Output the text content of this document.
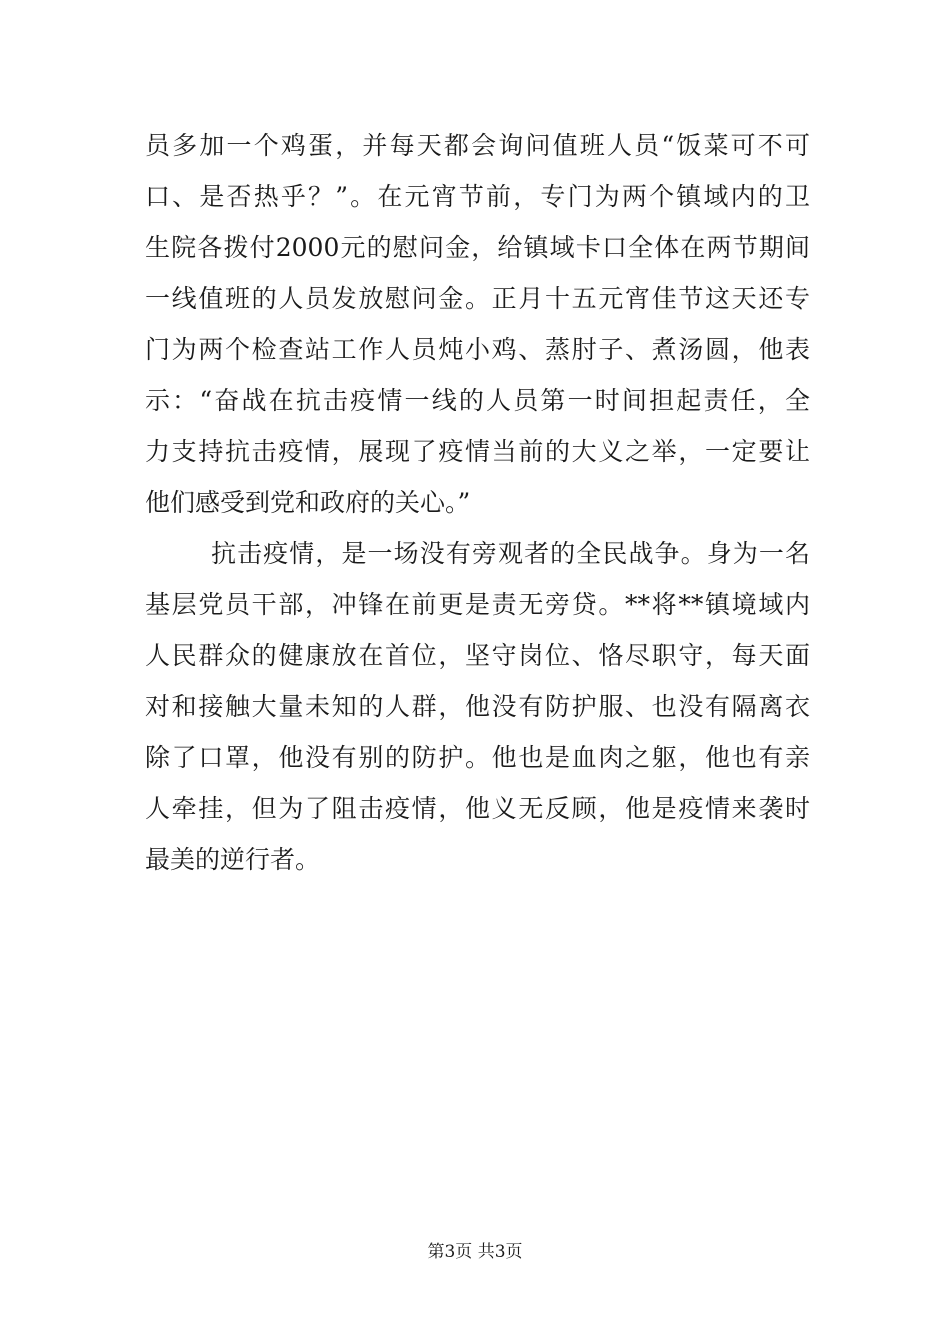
员多加一个鸡蛋，并每天都会询问值班人员“饭菜可不可
口、是否热乎？”。在元宵节前，专门为两个镇域内的卫
生院各拨付2000元的慰问金，给镇域卡口全体在两节期间
一线值班的人员发放慰问金。正月十五元宵佳节这天还专
门为两个检查站工作人员炖小鸡、蒸肘子、煮汤圆，他表
示：“奋战在抗击疫情一线的人员第一时间担起责任，全
力支持抗击疫情，展现了疫情当前的大义之举，一定要让
他们感受到党和政府的关心。”
抗击疫情，是一场没有旁观者的全民战争。身为一名
基层党员干部，冲锋在前更是责无旁贷。**将**镇境域内
人民群众的健康放在首位，坚守岗位、恪尽职守，每天面
对和接触大量未知的人群，他没有防护服、也没有隔离衣
除了口罩，他没有别的防护。他也是血肉之躯，他也有亲
人牵挂，但为了阻击疫情，他义无反顾，他是疫情来袭时
最美的逆行者。
第3页 共3页
